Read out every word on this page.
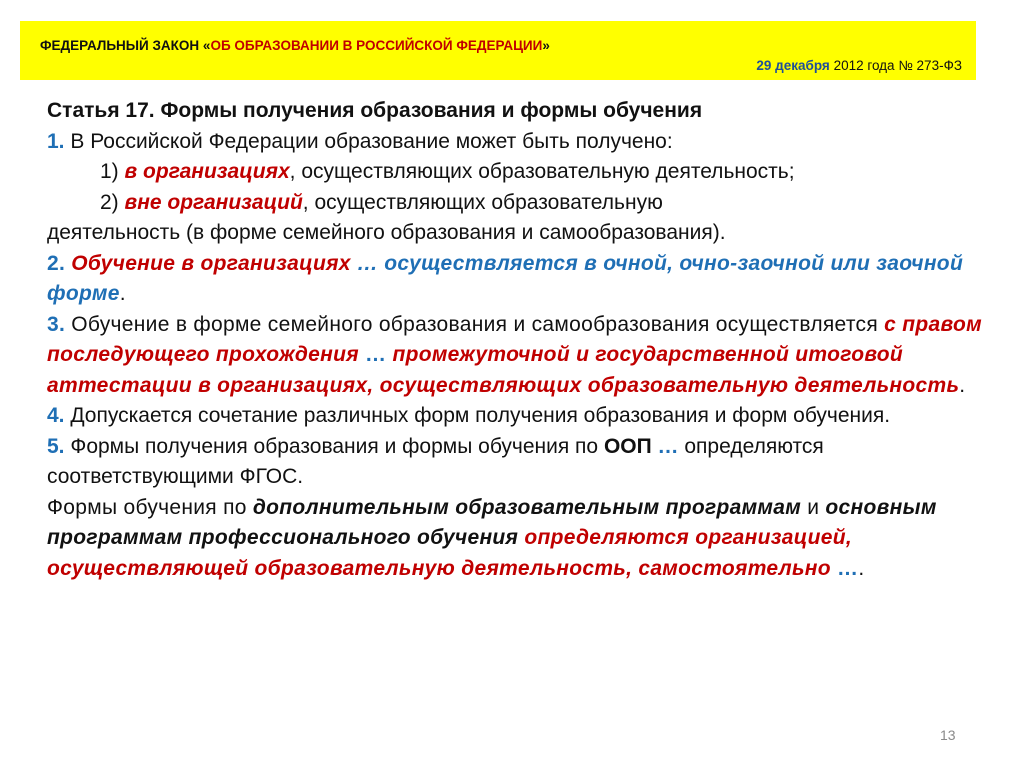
ФЕДЕРАЛЬНЫЙ ЗАКОН «ОБ ОБРАЗОВАНИИ В РОССИЙСКОЙ ФЕДЕРАЦИИ»
29 декабря 2012 года № 273-ФЗ

Статья 17. Формы получения образования и формы обучения

1. В Российской Федерации образование может быть получено:

1) в организациях, осуществляющих образовательную деятельность;

2) вне организаций, осуществляющих образовательную

деятельность (в форме семейного образования и самообразования).

2. Обучение в организациях … осуществляется в очной, очно-заочной или заочной форме.

3. Обучение в форме семейного образования и самообразования осуществляется с правом последующего прохождения … промежуточной и государственной итоговой аттестации в организациях, осуществляющих образовательную деятельность.

4. Допускается сочетание различных форм получения образования и форм обучения.

5. Формы получения образования и формы обучения по ООП … определяются соответствующими ФГОС.

Формы обучения по дополнительным образовательным программам и основным программам профессионального обучения определяются организацией, осуществляющей образовательную деятельность, самостоятельно ….

13
